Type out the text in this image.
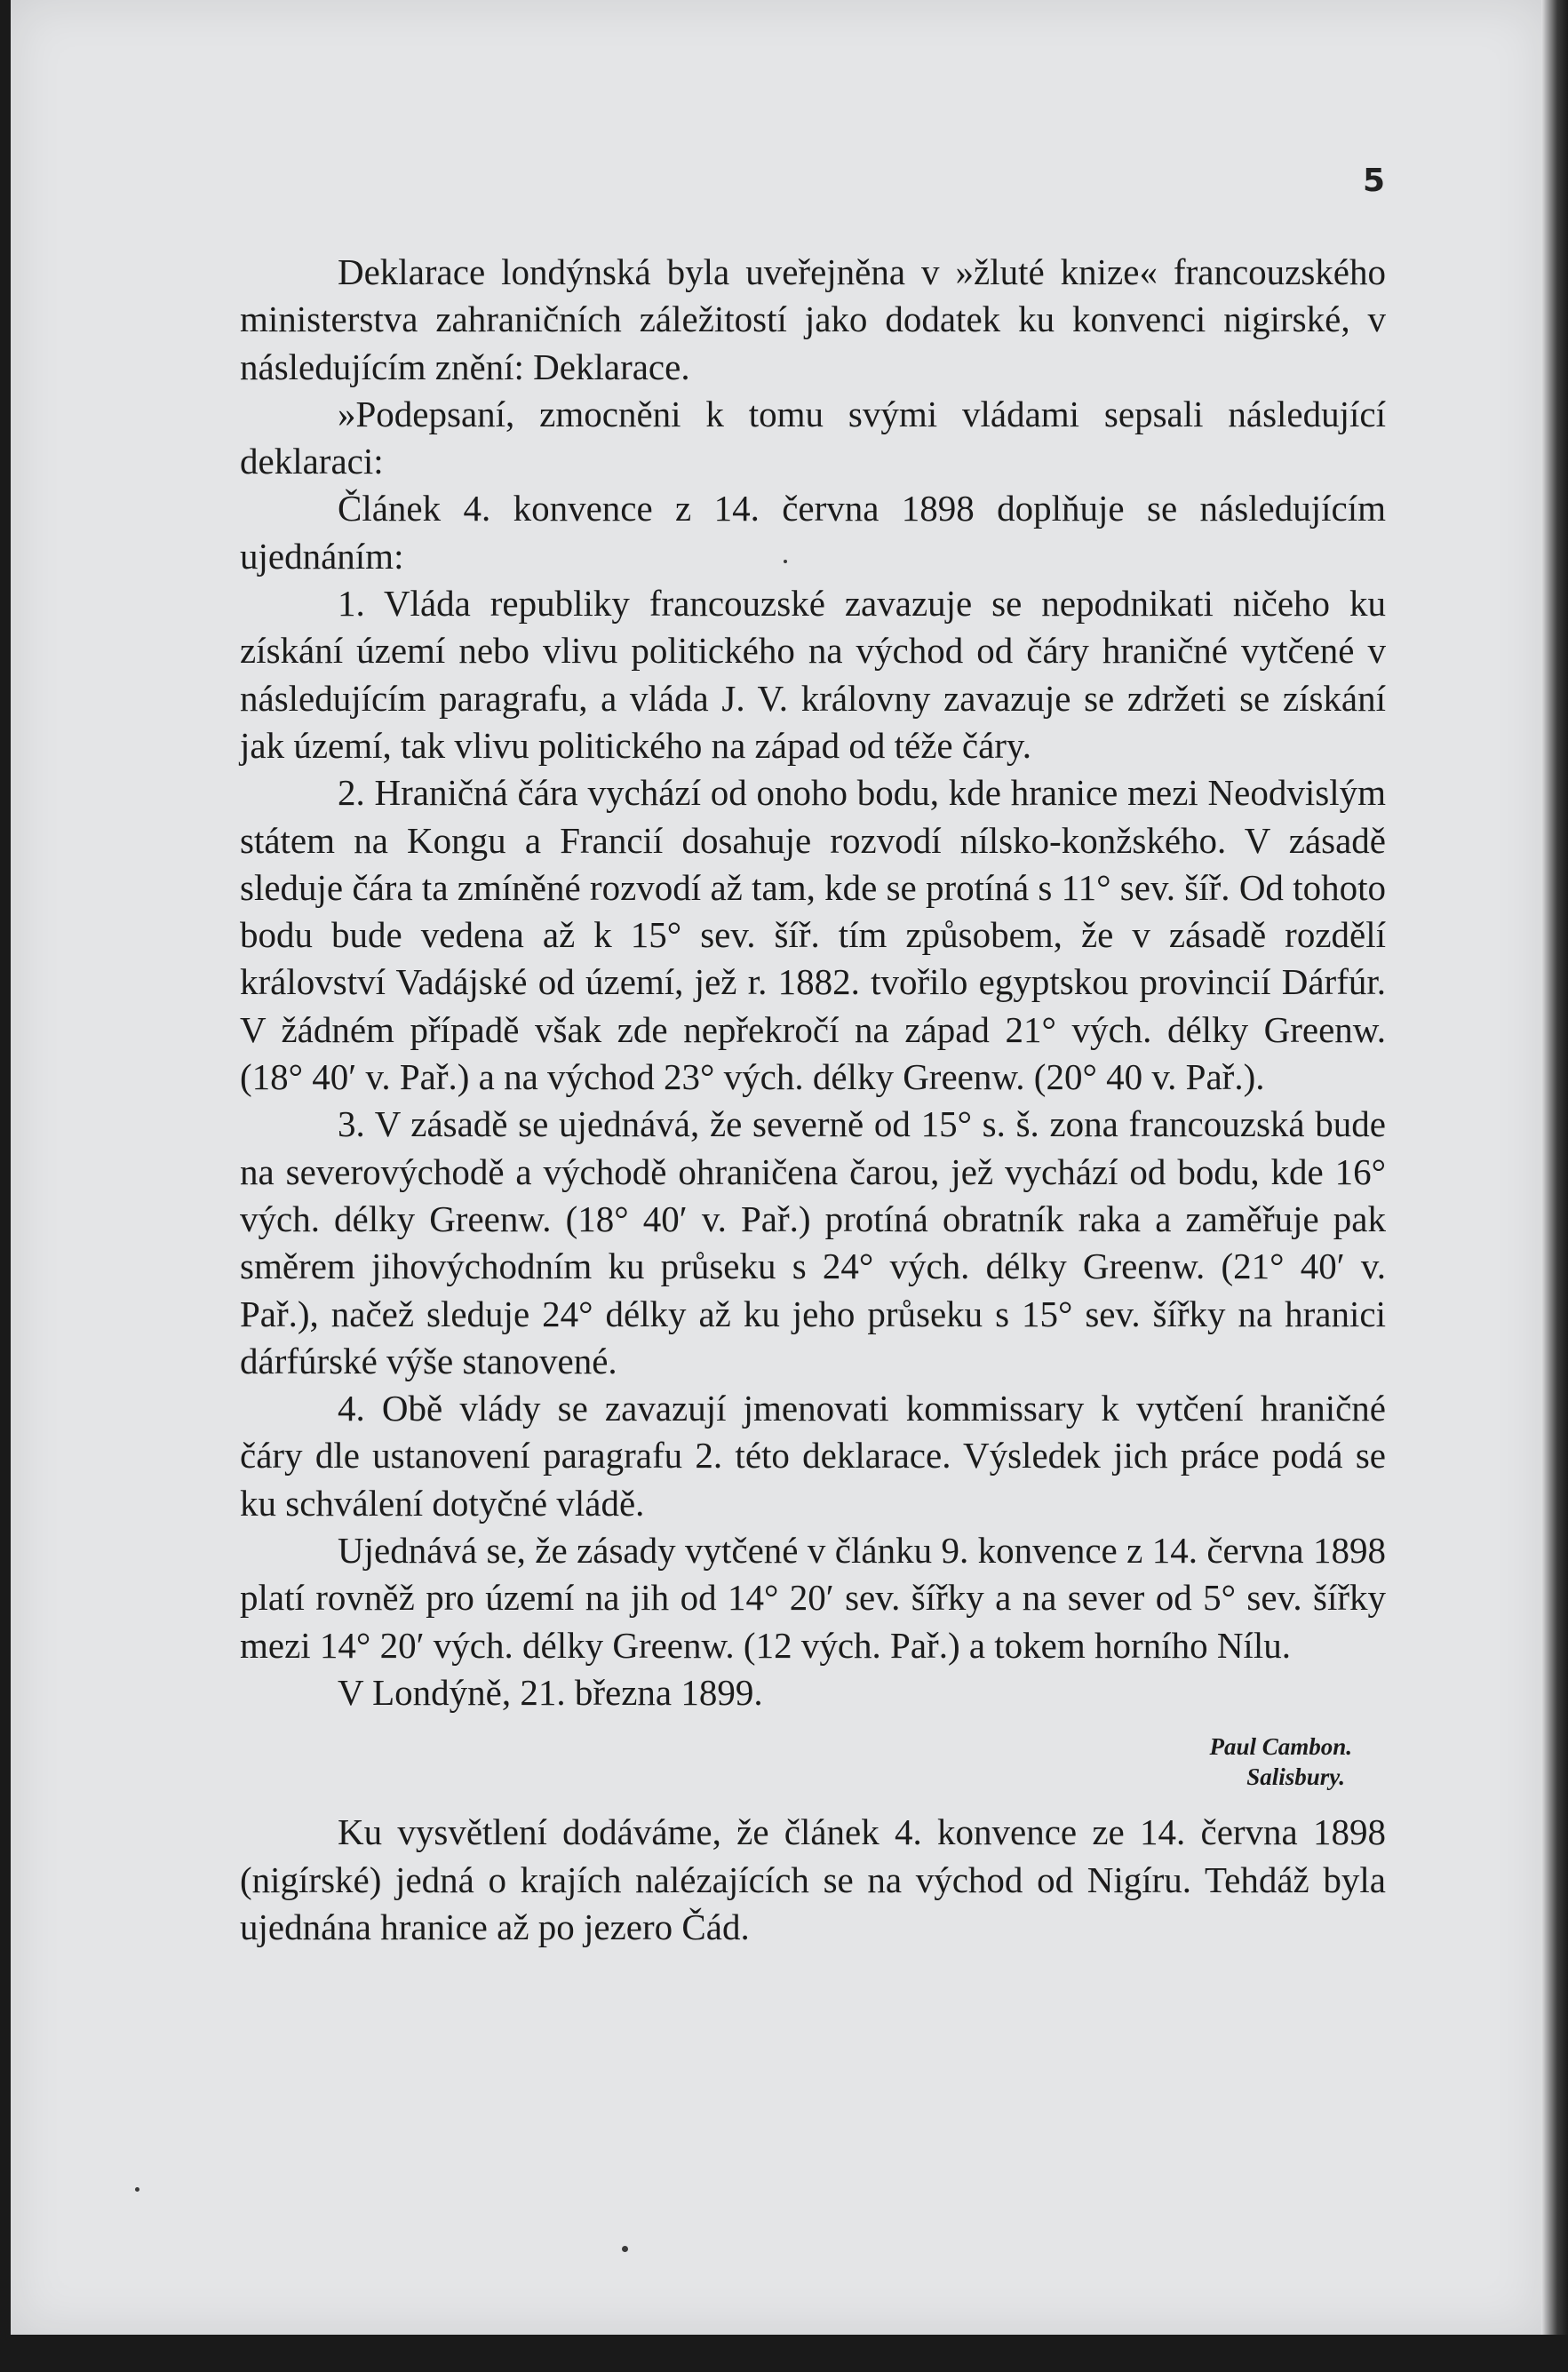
5

Deklarace londýnská byla uveřejněna v »žluté knize« francouzského ministerstva zahraničních záležitostí jako dodatek ku konvenci nigirské, v následujícím znění: Deklarace.

»Podepsaní, zmocněni k tomu svými vládami sepsali následující deklaraci:

Článek 4. konvence z 14. června 1898 doplňuje se následujícím ujednáním:

1. Vláda republiky francouzské zavazuje se nepodnikati ničeho ku získání území nebo vlivu politického na východ od čáry hraničné vytčené v následujícím paragrafu, a vláda J. V. královny zavazuje se zdržeti se získání jak území, tak vlivu politického na západ od téže čáry.

2. Hraničná čára vychází od onoho bodu, kde hranice mezi Neodvislým státem na Kongu a Francií dosahuje rozvodí nílsko-konžského. V zásadě sleduje čára ta zmíněné rozvodí až tam, kde se protíná s 11° sev. šíř. Od tohoto bodu bude vedena až k 15° sev. šíř. tím způsobem, že v zásadě rozdělí království Vadájské od území, jež r. 1882. tvořilo egyptskou provincií Dárfúr. V žádném případě však zde nepřekročí na západ 21° vých. délky Greenw. (18° 40′ v. Pař.) a na východ 23° vých. délky Greenw. (20° 40 v. Pař.).

3. V zásadě se ujednává, že severně od 15° s. š. zona francouzská bude na severovýchodě a východě ohraničena čarou, jež vychází od bodu, kde 16° vých. délky Greenw. (18° 40′ v. Pař.) protíná obratník raka a zaměřuje pak směrem jihovýchodním ku průseku s 24° vých. délky Greenw. (21° 40′ v. Pař.), načež sleduje 24° délky až ku jeho průseku s 15° sev. šířky na hranici dárfúrské výše stanovené.

4. Obě vlády se zavazují jmenovati kommissary k vytčení hraničné čáry dle ustanovení paragrafu 2. této deklarace. Výsledek jich práce podá se ku schválení dotyčné vládě.

Ujednává se, že zásady vytčené v článku 9. konvence z 14. června 1898 platí rovněž pro území na jih od 14° 20′ sev. šířky a na sever od 5° sev. šířky mezi 14° 20′ vých. délky Greenw. (12 vých. Pař.) a tokem horního Nílu.

V Londýně, 21. března 1899.

Paul Cambon.
Salisbury.

Ku vysvětlení dodáváme, že článek 4. konvence ze 14. června 1898 (nigírské) jedná o krajích nalézajících se na východ od Nigíru. Tehdáž byla ujednána hranice až po jezero Čád.
